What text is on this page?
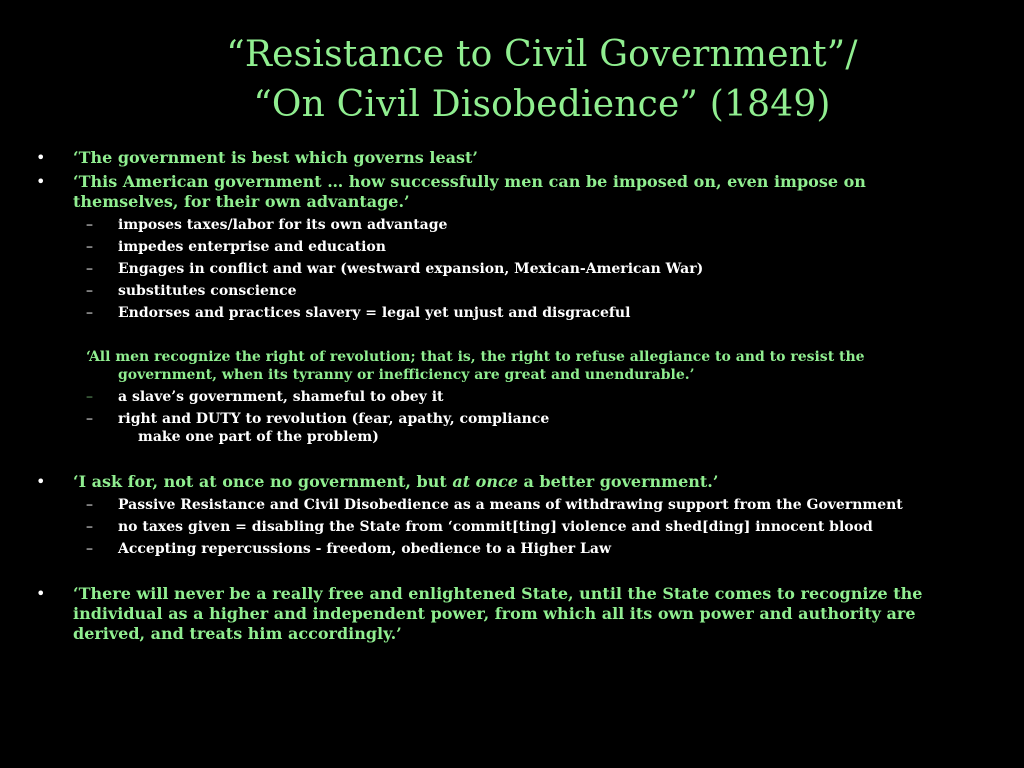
“Resistance to Civil Government”/
“On Civil Disobedience” (1849)
• ‘The government is best which governs least’
• ‘This American government … how successfully men can be imposed on, even impose on themselves, for their own advantage.’
– imposes taxes/labor for its own advantage
– impedes enterprise and education
– Engages in conflict and war (westward expansion, Mexican-American War)
– substitutes conscience
– Endorses and practices slavery = legal yet unjust and disgraceful
‘All men recognize the right of revolution; that is, the right to refuse allegiance to and to resist the government, when its tyranny or inefficiency are great and unendurable.’
– a slave’s government, shameful to obey it
– right and DUTY to revolution (fear, apathy, compliance
make one part of the problem)
• ‘I ask for, not at once no government, but at once a better government.’
– Passive Resistance and Civil Disobedience as a means of withdrawing support from the Government
– no taxes given = disabling the State from ‘commit[ting] violence and shed[ding] innocent blood
– Accepting repercussions - freedom, obedience to a Higher Law
• ‘There will never be a really free and enlightened State, until the State comes to recognize the individual as a higher and independent power, from which all its own power and authority are derived, and treats him accordingly.’
